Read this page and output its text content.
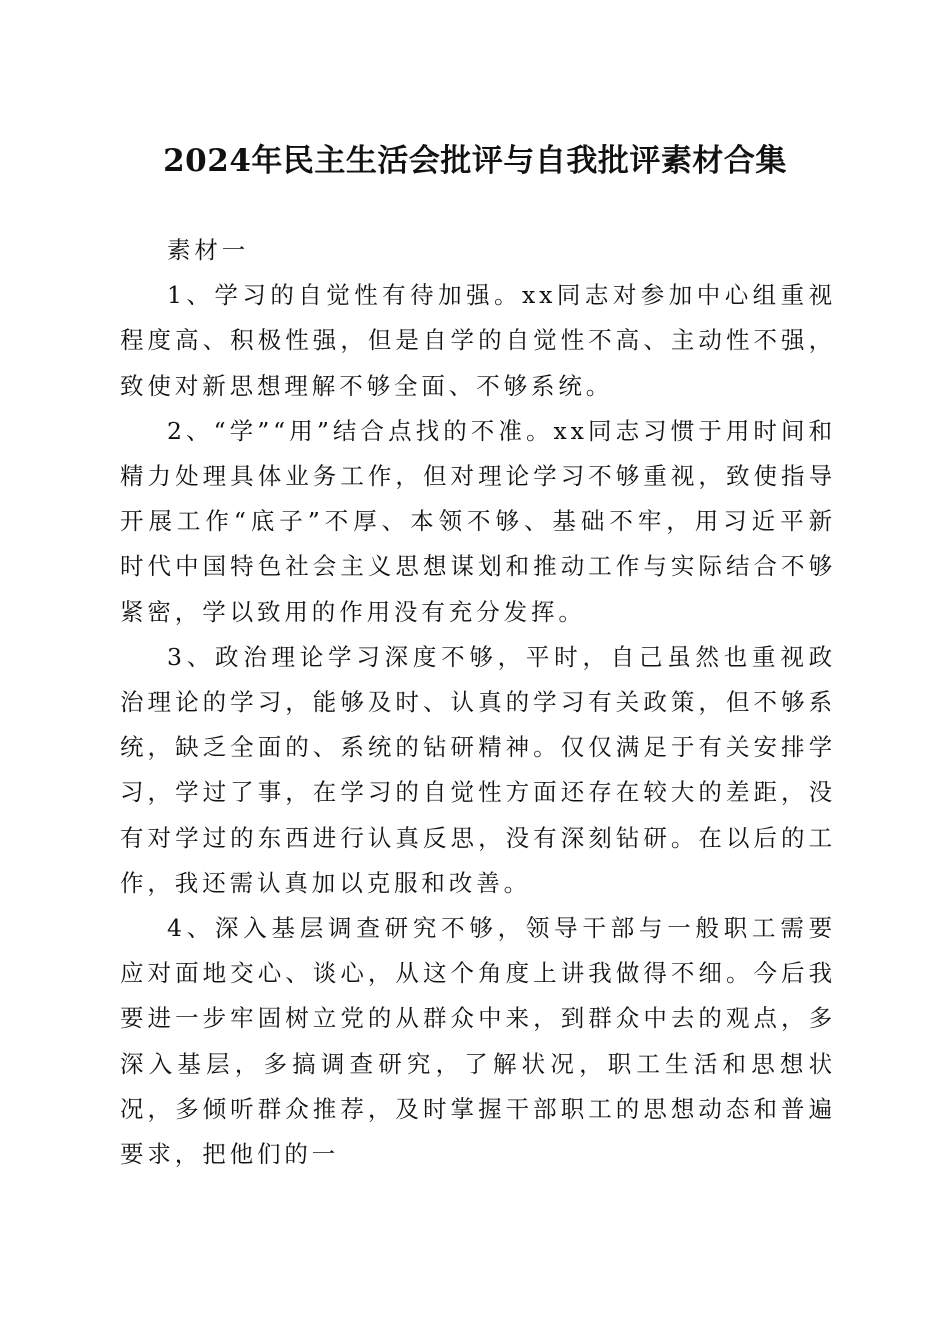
2024年民主生活会批评与自我批评素材合集

素材一

1、学习的自觉性有待加强。xx同志对参加中心组重视程度高、积极性强，但是自学的自觉性不高、主动性不强，致使对新思想理解不够全面、不够系统。

2、“学”“用”结合点找的不准。xx同志习惯于用时间和精力处理具体业务工作，但对理论学习不够重视，致使指导开展工作“底子”不厚、本领不够、基础不牢，用习近平新时代中国特色社会主义思想谋划和推动工作与实际结合不够紧密，学以致用的作用没有充分发挥。

3、政治理论学习深度不够，平时，自己虽然也重视政治理论的学习，能够及时、认真的学习有关政策，但不够系统，缺乏全面的、系统的钻研精神。仅仅满足于有关安排学习，学过了事，在学习的自觉性方面还存在较大的差距，没有对学过的东西进行认真反思，没有深刻钻研。在以后的工作，我还需认真加以克服和改善。

4、深入基层调查研究不够，领导干部与一般职工需要应对面地交心、谈心，从这个角度上讲我做得不细。今后我要进一步牢固树立党的从群众中来，到群众中去的观点，多深入基层，多搞调查研究，了解状况，职工生活和思想状况，多倾听群众推荐，及时掌握干部职工的思想动态和普遍要求，把他们的一
